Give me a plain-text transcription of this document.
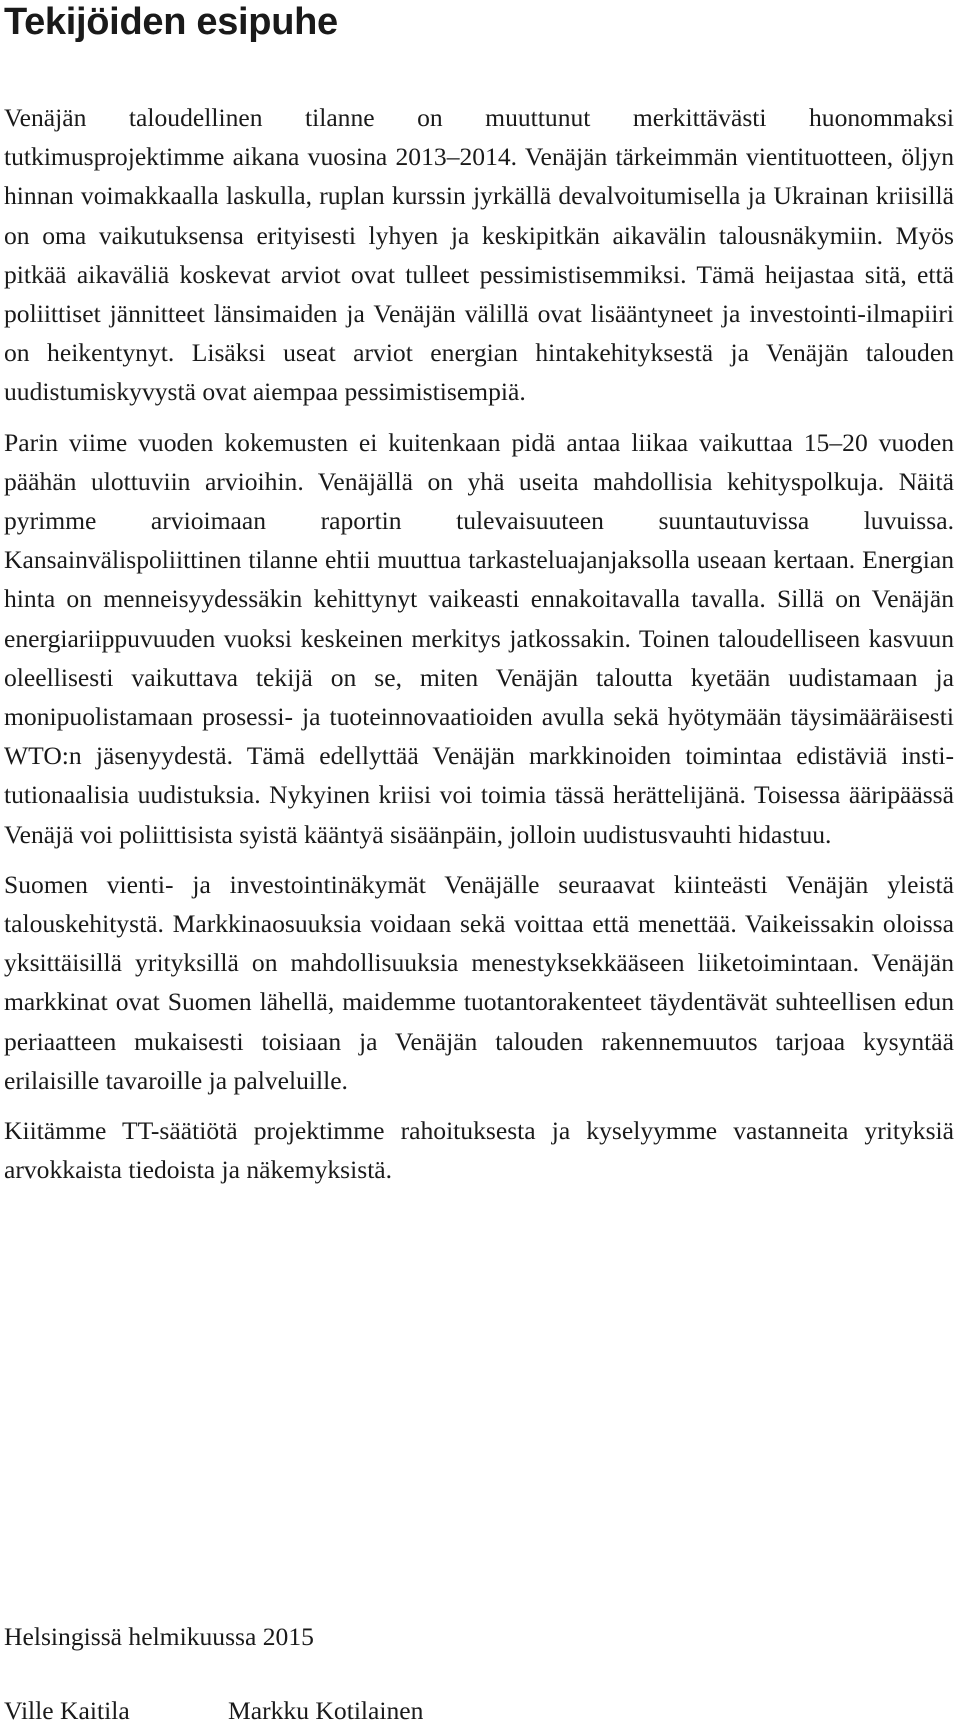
Tekijöiden esipuhe

Venäjän taloudellinen tilanne on muuttunut merkittävästi huonommaksi tutkimusprojektimme aikana vuosina 2013–2014. Venäjän tärkeimmän vientituotteen, öljyn hinnan voimakkaalla laskulla, ruplan kurssin jyrkällä devalvoitumisella ja Ukrainan kriisillä on oma vaikutuksensa erityisesti lyhyen ja keskipitkän aikavälin talousnäkymiin. Myös pitkää aikaväliä koskevat arviot ovat tulleet pessimistisemmiksi. Tämä heijastaa sitä, että poliittiset jännitteet länsimaiden ja Venäjän välillä ovat lisääntyneet ja investointi-ilmapiiri on heikentynyt. Lisäksi useat arviot energian hintakehityksestä ja Venäjän talouden uudistumiskyvystä ovat aiempaa pessimistisempiä.

Parin viime vuoden kokemusten ei kuitenkaan pidä antaa liikaa vaikuttaa 15–20 vuoden päähän ulottuviin arvioihin. Venäjällä on yhä useita mahdollisia kehityspolkuja. Näitä pyrimme arvioimaan raportin tulevaisuuteen suuntautuvissa luvuissa. Kansainvälispoliittinen tilanne ehtii muuttua tarkasteluajanjaksolla useaan kertaan. Energian hinta on menneisyydessäkin kehittynyt vaikeasti ennakoitavalla tavalla. Sillä on Venäjän energiariippuvuuden vuoksi keskeinen merkitys jatkossakin. Toinen taloudelliseen kasvuun oleellisesti vaikuttava tekijä on se, miten Venäjän taloutta kyetään uudistamaan ja monipuolistamaan prosessi- ja tuoteinnovaatioiden avulla sekä hyötymään täysimääräisesti WTO:n jäsenyydestä. Tämä edellyttää Venäjän markkinoiden toimintaa edistäviä institutionaalisia uudistuksia. Nykyinen kriisi voi toimia tässä herättelijänä. Toisessa ääripäässä Venäjä voi poliittisista syistä kääntyä sisäänpäin, jolloin uudistusvauhti hidastuu.

Suomen vienti- ja investointinäkymät Venäjälle seuraavat kiinteästi Venäjän yleistä talouskehitystä. Markkinaosuuksia voidaan sekä voittaa että menettää. Vaikeissakin oloissa yksittäisillä yrityksillä on mahdollisuuksia menestyksekkääseen liiketoimintaan. Venäjän markkinat ovat Suomen lähellä, maidemme tuotantorakenteet täydentävät suhteellisen edun periaatteen mukaisesti toisiaan ja Venäjän talouden rakennemuutos tarjoaa kysyntää erilaisille tavaroille ja palveluille.

Kiitämme TT-säätiötä projektimme rahoituksesta ja kyselyymme vastanneita yrityksiä arvokkaista tiedoista ja näkemyksistä.

Helsingissä helmikuussa 2015

Ville Kaitila	Markku Kotilainen
